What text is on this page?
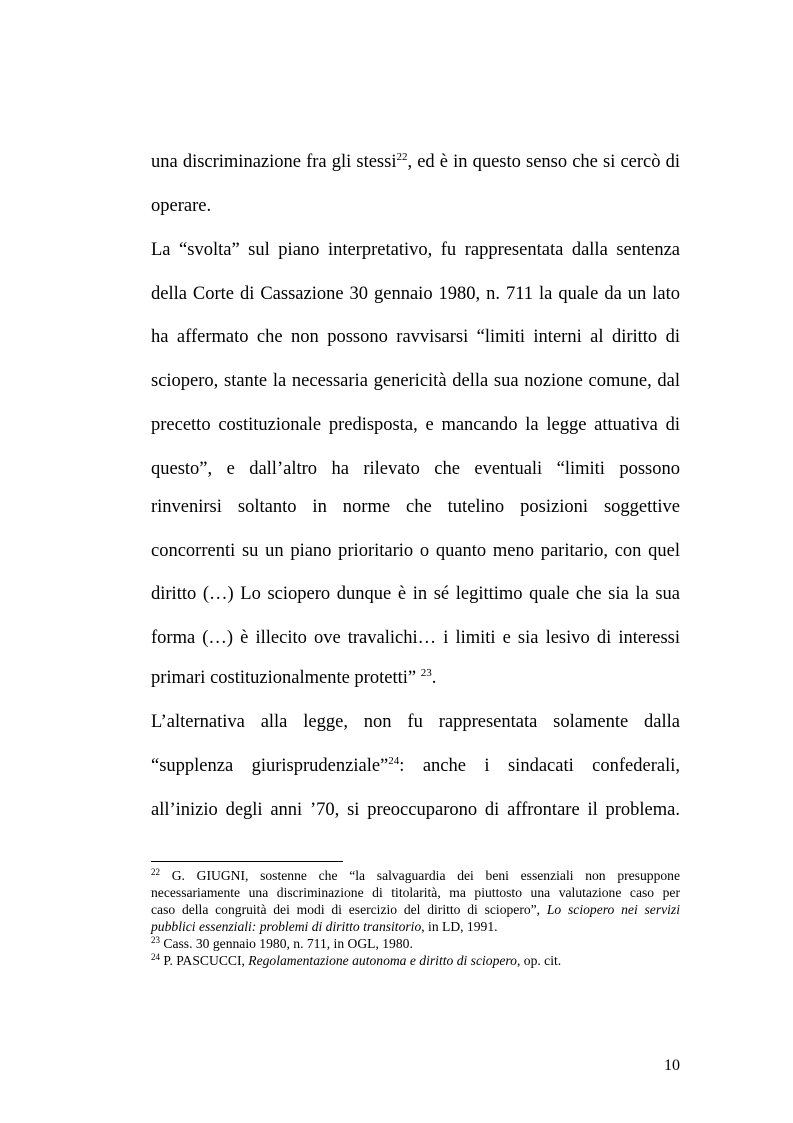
una discriminazione fra gli stessi$^{22}$, ed è in questo senso che si cercò di
operare.
La “svolta” sul piano interpretativo, fu rappresentata dalla sentenza
della Corte di Cassazione 30 gennaio 1980, n. 711 la quale da un lato
ha affermato che non possono ravvisarsi “limiti interni al diritto di
sciopero, stante la necessaria genericità della sua nozione comune, dal
precetto costituzionale predisposta, e mancando la legge attuativa di
questo”, e dall’altro ha rilevato che eventuali “limiti possono
rinvenirsi soltanto in norme che tutelino posizioni soggettive
concorrenti su un piano prioritario o quanto meno paritario, con quel
diritto (…) Lo sciopero dunque è in sé legittimo quale che sia la sua
forma (…) è illecito ove travalichi… i limiti e sia lesivo di interessi
primari costituzionalmente protetti” $^{23}$.
L’alternativa alla legge, non fu rappresentata solamente dalla
“supplenza giurisprudenziale”$^{24}$: anche i sindacati confederali,
all’inizio degli anni ’70, si preoccuparono di affrontare il problema.
$^{22}$ G. GIUGNI, sostenne che “la salvaguardia dei beni essenziali non presuppone
necessariamente una discriminazione di titolarità, ma piuttosto una valutazione caso per
caso della congruità dei modi di esercizio del diritto di sciopero”, Lo sciopero nei servizi
pubblici essenziali: problemi di diritto transitorio, in LD, 1991.
$^{23}$ Cass. 30 gennaio 1980, n. 711, in OGL, 1980.
$^{24}$ P. PASCUCCI, Regolamentazione autonoma e diritto di sciopero, op. cit.
10
